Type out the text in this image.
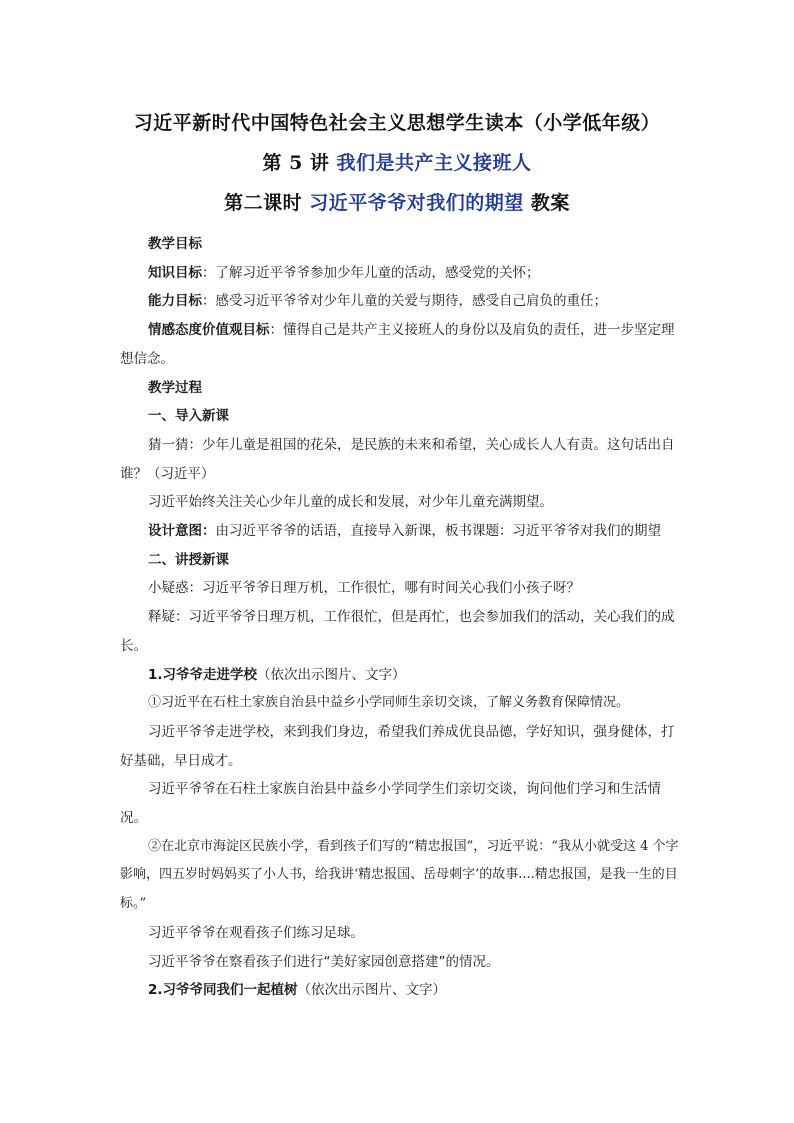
习近平新时代中国特色社会主义思想学生读本（小学低年级）
第 5 讲 我们是共产主义接班人
第二课时 习近平爷爷对我们的期望 教案

教学目标

知识目标：了解习近平爷爷参加少年儿童的活动，感受党的关怀；

能力目标：感受习近平爷爷对少年儿童的关爱与期待，感受自己肩负的重任；

情感态度价值观目标：懂得自己是共产主义接班人的身份以及肩负的责任，进一步坚定理想信念。

教学过程

一、导入新课

猜一猜：少年儿童是祖国的花朵，是民族的未来和希望，关心成长人人有责。这句话出自谁？（习近平）

习近平始终关注关心少年儿童的成长和发展，对少年儿童充满期望。

设计意图：由习近平爷爷的话语，直接导入新课，板书课题：习近平爷爷对我们的期望

二、讲授新课

小疑惑：习近平爷爷日理万机，工作很忙，哪有时间关心我们小孩子呀？

释疑：习近平爷爷日理万机，工作很忙，但是再忙，也会参加我们的活动，关心我们的成长。

1.习爷爷走进学校（依次出示图片、文字）

①习近平在石柱土家族自治县中益乡小学同师生亲切交谈，了解义务教育保障情况。

习近平爷爷走进学校，来到我们身边，希望我们养成优良品德，学好知识，强身健体，打好基础，早日成才。

习近平爷爷在石柱土家族自治县中益乡小学同学生们亲切交谈，询问他们学习和生活情况。

②在北京市海淀区民族小学，看到孩子们写的“精忠报国”，习近平说：“我从小就受这 4 个字影响，四五岁时妈妈买了小人书，给我讲‘精忠报国、岳母刺字’的故事....精忠报国，是我一生的目标。”

习近平爷爷在观看孩子们练习足球。

习近平爷爷在察看孩子们进行“美好家园创意搭建”的情况。

2.习爷爷同我们一起植树（依次出示图片、文字）
